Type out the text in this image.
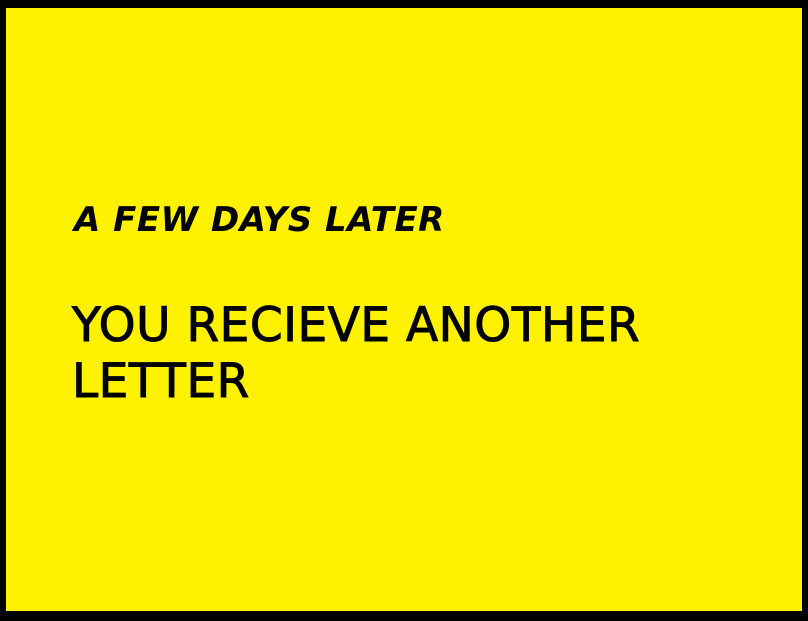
A FEW DAYS LATER

YOU RECIEVE ANOTHER
LETTER
